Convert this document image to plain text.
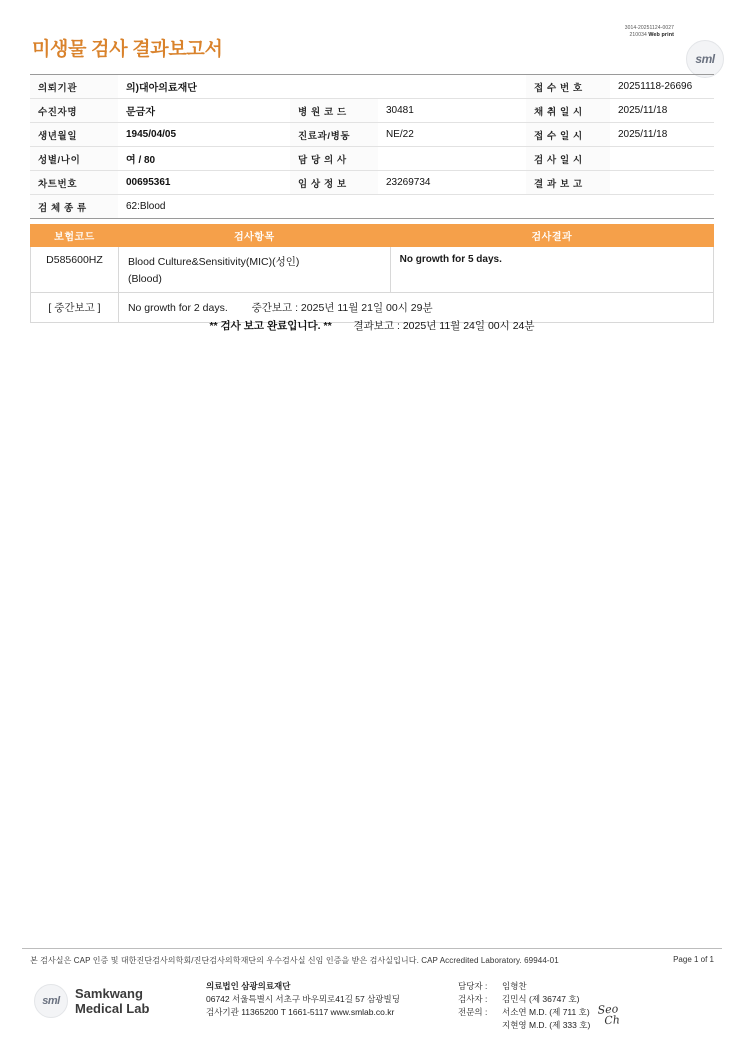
미생물 검사 결과보고서
3014-20251124-0027
210034 Web print
sml
의뢰기관	의)대아의료재단			접 수 번 호	20251118-26696
수진자명	문금자	병 원 코 드	30481	채 취 일 시	2025/11/18
생년월일	1945/04/05	진료과/병동	NE/22	접 수 일 시	2025/11/18
성별/나이	여 / 80	담 당 의 사		검 사 일 시	
차트번호	00695361	임 상 정 보	23269734	결 과 보 고	
검 체 종 류	62:Blood				
보험코드	검사항목	검사결과
D585600HZ	Blood Culture&Sensitivity(MIC)(성인)
(Blood)	No growth for 5 days.

[ 중간보고 ]	No growth for 2 days. 중간보고 : 2025년 11월 21일 00시 29분	
** 검사 보고 완료입니다. ** 결과보고 : 2025년 11월 24일 00시 24분
본 검사실은 CAP 인증 및 대한진단검사의학회/진단검사의학재단의 우수검사실 신임 인증을 받은 검사실입니다. CAP Accredited Laboratory. 69944-01	Page 1 of 1
sml	Samkwang
Medical Lab
의료법인 삼광의료재단
06742 서울특별시 서초구 바우뫼로41길 57 삼광빌딩
검사기관 11365200 T 1661-5117 www.smlab.co.kr
담당자 : 임형찬
검사자 : 김민식 (제 36747 호)
전문의 : 서소연 M.D. (제 711 호)
지현영 M.D. (제 333 호)
Seo
Ch
